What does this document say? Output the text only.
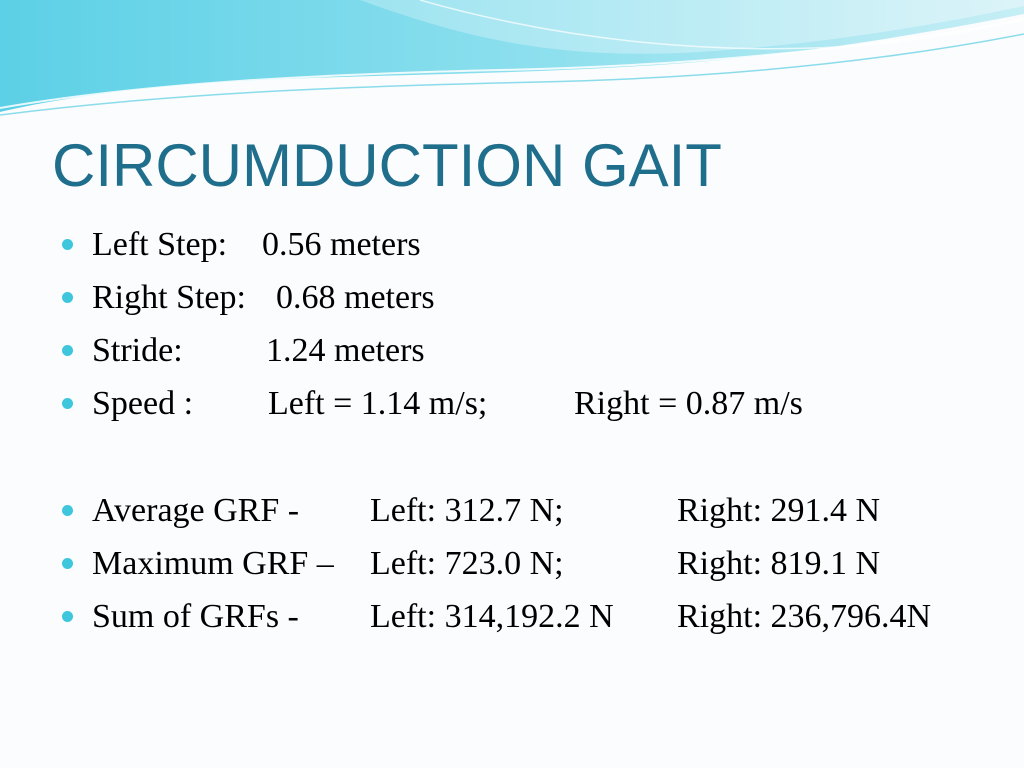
CIRCUMDUCTION GAIT
Left Step: 0.56 meters
Right Step: 0.68 meters
Stride: 1.24 meters
Speed : Left = 1.14 m/s;	Right = 0.87 m/s
Average GRF - Left: 312.7 N;	Right: 291.4 N
Maximum GRF – Left: 723.0 N;	Right: 819.1 N
Sum of GRFs - Left: 314,192.2 N Right: 236,796.4N
